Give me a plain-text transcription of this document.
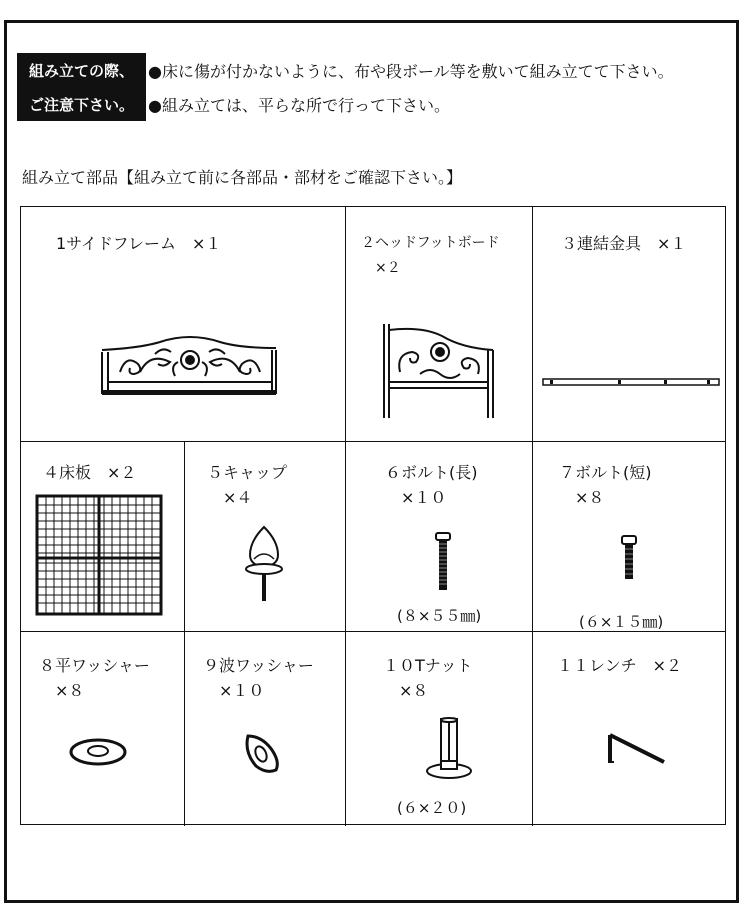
組み立ての際、
ご注意下さい。
●床に傷が付かないように、布や段ボール等を敷いて組み立てて下さい。
●組み立ては、平らな所で行って下さい。
組み立て部品【組み立て前に各部品・部材をご確認下さい。】
1サイドフレーム　×１	２ヘッドフットボード
　×２
３連結金具　×１
４床板　×２	５キャップ
　×４
６ボルト(長)
　×１０
(８×５５㎜)
７ボルト(短)
　×８
(６×１５㎜)
８平ワッシャー
　×８
９波ワッシャー
　×１０
１０Tナット
　×８
(６×２０)
１１レンチ　×２
